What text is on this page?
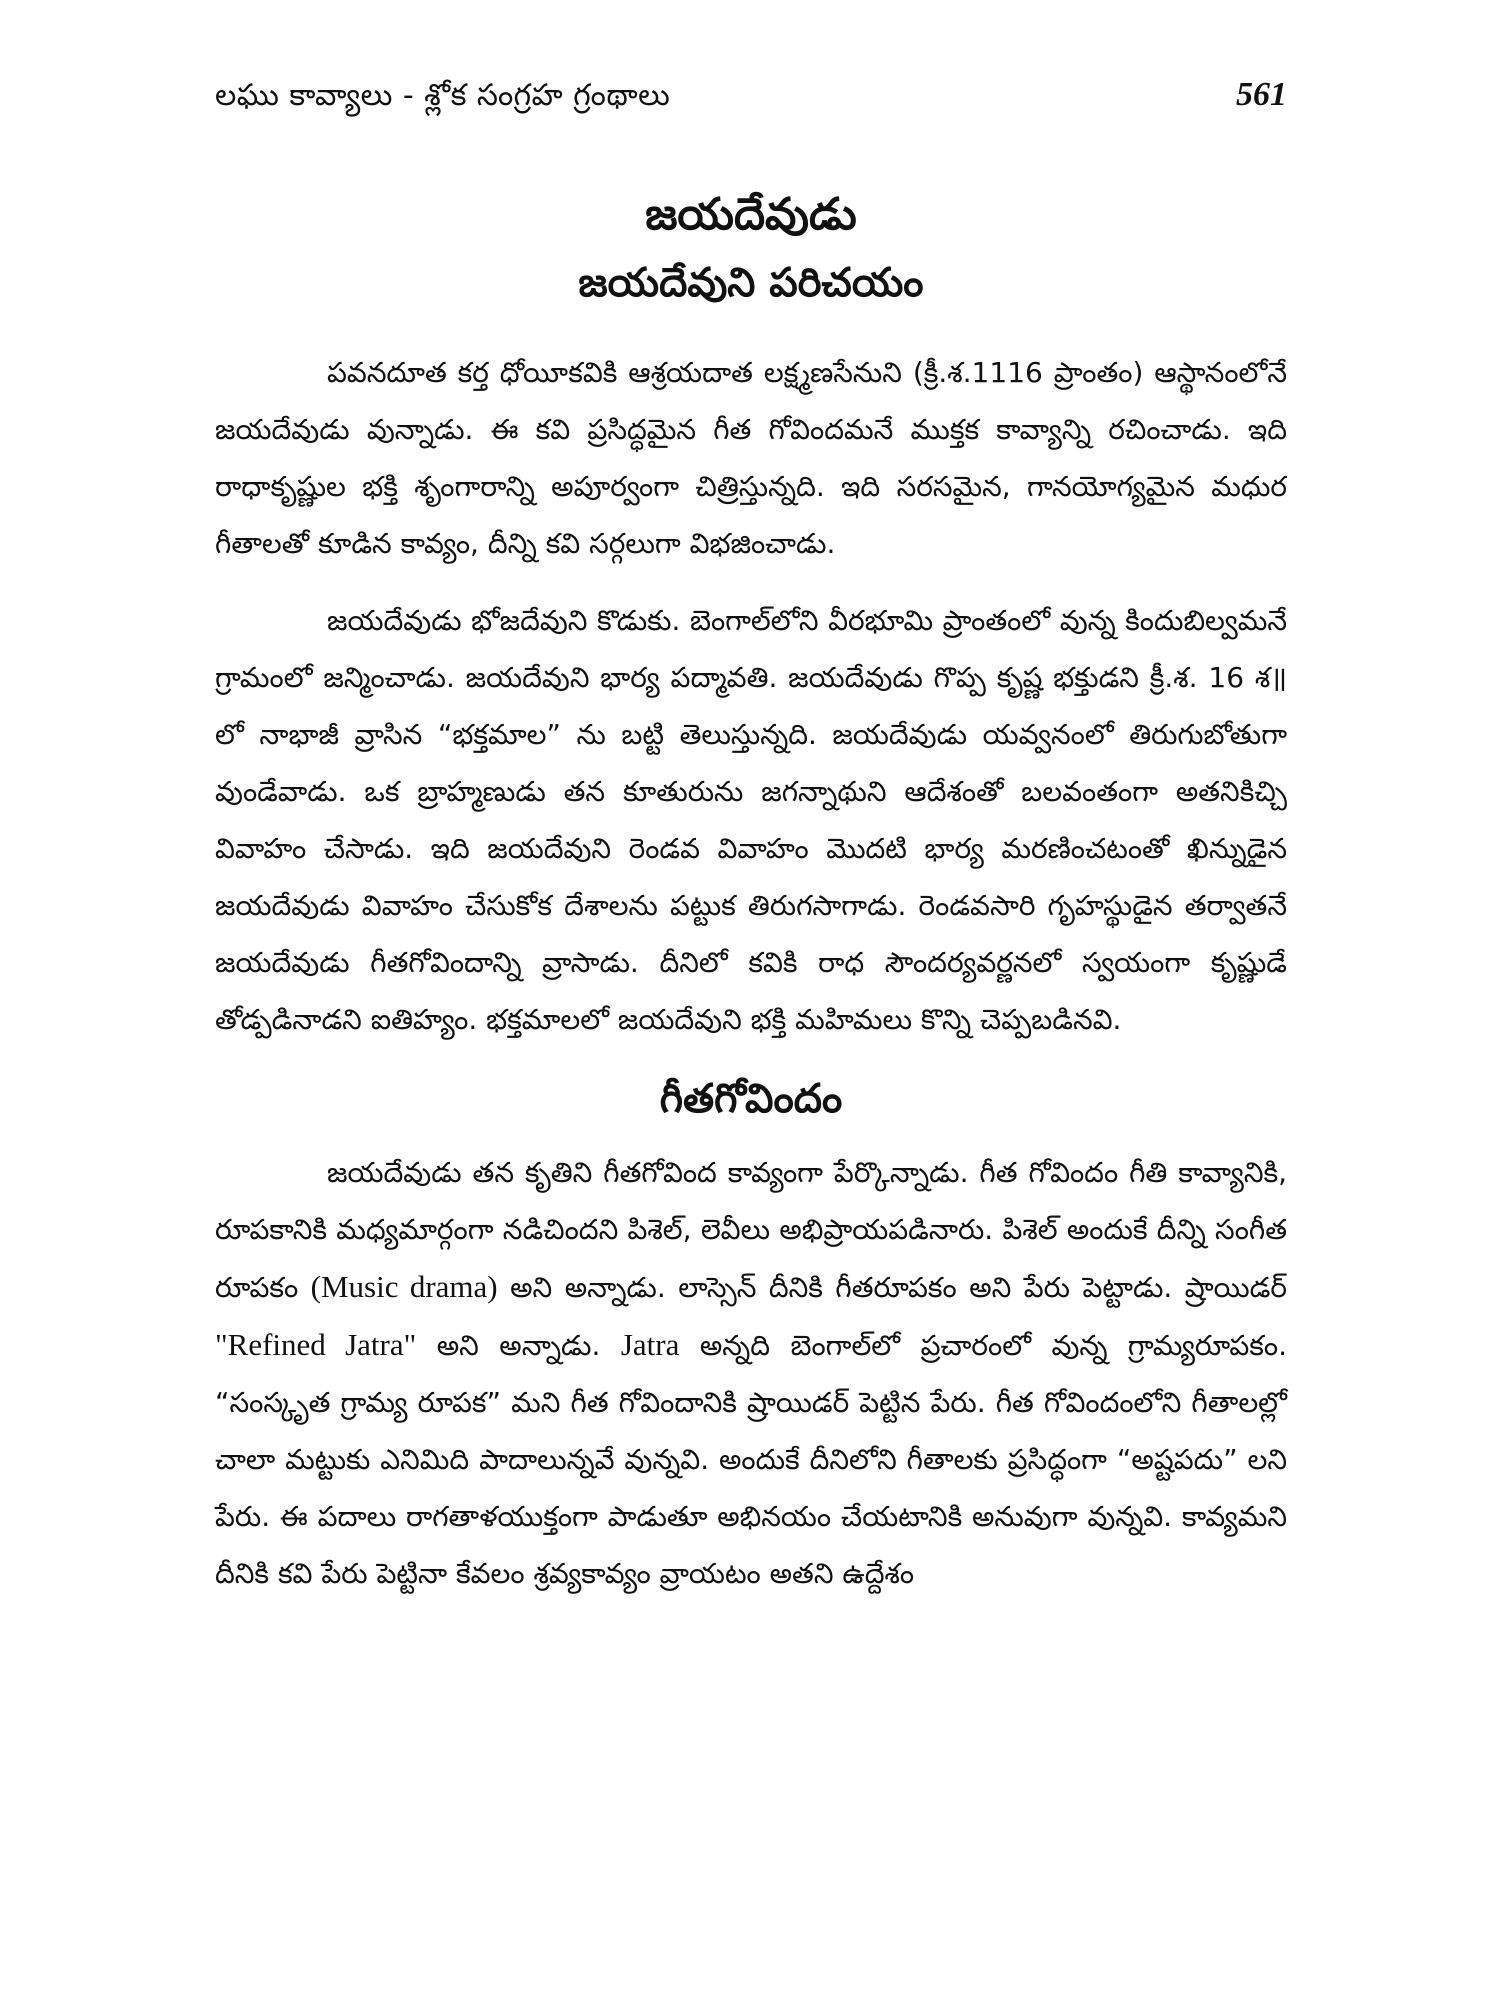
లఘు కావ్యాలు - శ్లోక సంగ్రహ గ్రంథాలు	561
జయదేవుడు
జయదేవుని పరిచయం

పవనదూత కర్త ధోయీకవికి ఆశ్రయదాత లక్ష్మణసేనుని (క్రీ.శ.1116 ప్రాంతం) ఆస్థానంలోనే జయదేవుడు వున్నాడు. ఈ కవి ప్రసిద్ధమైన గీత గోవిందమనే ముక్తక కావ్యాన్ని రచించాడు. ఇది రాధాకృష్ణుల భక్తి శృంగారాన్ని అపూర్వంగా చిత్రిస్తున్నది. ఇది సరసమైన, గానయోగ్యమైన మధుర గీతాలతో కూడిన కావ్యం, దీన్ని కవి సర్గలుగా విభజించాడు.

జయదేవుడు భోజదేవుని కొడుకు. బెంగాల్‌లోని వీరభూమి ప్రాంతంలో వున్న కిందుబిల్వమనే గ్రామంలో జన్మించాడు. జయదేవుని భార్య పద్మావతి. జయదేవుడు గొప్ప కృష్ణ భక్తుడని క్రీ.శ. 16 శ॥లో నాభాజీ వ్రాసిన “భక్తమాల” ను బట్టి తెలుస్తున్నది. జయదేవుడు యవ్వనంలో తిరుగుబోతుగా వుండేవాడు. ఒక బ్రాహ్మణుడు తన కూతురును జగన్నాథుని ఆదేశంతో బలవంతంగా అతనికిచ్చి వివాహం చేసాడు. ఇది జయదేవుని రెండవ వివాహం మొదటి భార్య మరణించటంతో ఖిన్నుడైన జయదేవుడు వివాహం చేసుకోక దేశాలను పట్టుక తిరుగసాగాడు. రెండవసారి గృహస్థుడైన తర్వాతనే జయదేవుడు గీతగోవిందాన్ని వ్రాసాడు. దీనిలో కవికి రాధ సౌందర్యవర్ణనలో స్వయంగా కృష్ణుడే తోడ్పడినాడని ఐతిహ్యం. భక్తమాలలో జయదేవుని భక్తి మహిమలు కొన్ని చెప్పబడినవి.

గీతగోవిందం

జయదేవుడు తన కృతిని గీతగోవింద కావ్యంగా పేర్కొన్నాడు. గీత గోవిందం గీతి కావ్యానికి, రూపకానికి మధ్యమార్గంగా నడిచిందని పిశెల్, లెవీలు అభిప్రాయపడినారు. పిశెల్ అందుకే దీన్ని సంగీత రూపకం (Music drama) అని అన్నాడు. లాస్సెన్ దీనికి గీతరూపకం అని పేరు పెట్టాడు. ష్రాయిడర్ "Refined Jatra" అని అన్నాడు. Jatra అన్నది బెంగాల్‌లో ప్రచారంలో వున్న గ్రామ్యరూపకం. “సంస్కృత గ్రామ్య రూపక” మని గీత గోవిందానికి ష్రాయిడర్ పెట్టిన పేరు. గీత గోవిందంలోని గీతాలల్లో చాలా మట్టుకు ఎనిమిది పాదాలున్నవే వున్నవి. అందుకే దీనిలోని గీతాలకు ప్రసిద్ధంగా “అష్టపదు” లని పేరు. ఈ పదాలు రాగతాళయుక్తంగా పాడుతూ అభినయం చేయటానికి అనువుగా వున్నవి. కావ్యమని దీనికి కవి పేరు పెట్టినా కేవలం శ్రవ్యకావ్యం వ్రాయటం అతని ఉద్దేశం
